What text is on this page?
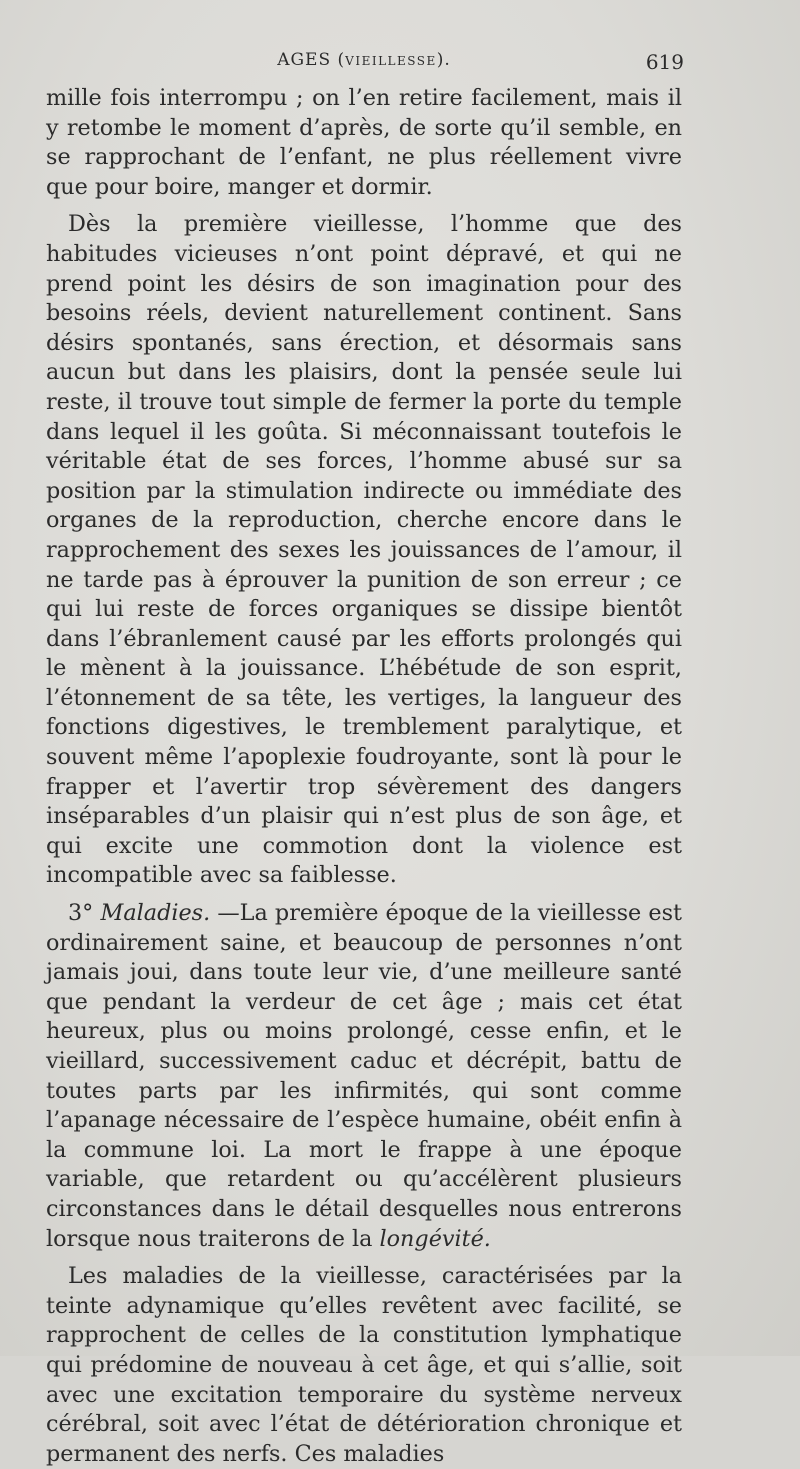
AGES (VIEILLESSE).	619

mille fois interrompu ; on l’en retire facilement, mais il y retombe le moment d’après, de sorte qu’il semble, en se rapprochant de l’enfant, ne plus réellement vivre que pour boire, manger et dormir.

Dès la première vieillesse, l’homme que des habitudes vicieuses n’ont point dépravé, et qui ne prend point les désirs de son imagination pour des besoins réels, devient naturellement continent. Sans désirs spontanés, sans érection, et désormais sans aucun but dans les plaisirs, dont la pensée seule lui reste, il trouve tout simple de fermer la porte du temple dans lequel il les goûta. Si méconnaissant toutefois le véritable état de ses forces, l’homme abusé sur sa position par la stimulation indirecte ou immédiate des organes de la reproduction, cherche encore dans le rapprochement des sexes les jouissances de l’amour, il ne tarde pas à éprouver la punition de son erreur ; ce qui lui reste de forces organiques se dissipe bientôt dans l’ébranlement causé par les efforts prolongés qui le mènent à la jouissance. L’hébétude de son esprit, l’étonnement de sa tête, les vertiges, la langueur des fonctions digestives, le tremblement paralytique, et souvent même l’apoplexie foudroyante, sont là pour le frapper et l’avertir trop sévèrement des dangers inséparables d’un plaisir qui n’est plus de son âge, et qui excite une commotion dont la violence est incompatible avec sa faiblesse.

3° Maladies. —La première époque de la vieillesse est ordinairement saine, et beaucoup de personnes n’ont jamais joui, dans toute leur vie, d’une meilleure santé que pendant la verdeur de cet âge ; mais cet état heureux, plus ou moins prolongé, cesse enfin, et le vieillard, successivement caduc et décrépit, battu de toutes parts par les infirmités, qui sont comme l’apanage nécessaire de l’espèce humaine, obéit enfin à la commune loi. La mort le frappe à une époque variable, que retardent ou qu’accélèrent plusieurs circonstances dans le détail desquelles nous entrerons lorsque nous traiterons de la longévité.

Les maladies de la vieillesse, caractérisées par la teinte adynamique qu’elles revêtent avec facilité, se rapprochent de celles de la constitution lymphatique qui prédomine de nouveau à cet âge, et qui s’allie, soit avec une excitation temporaire du système nerveux cérébral, soit avec l’état de détérioration chronique et permanent des nerfs. Ces maladies
